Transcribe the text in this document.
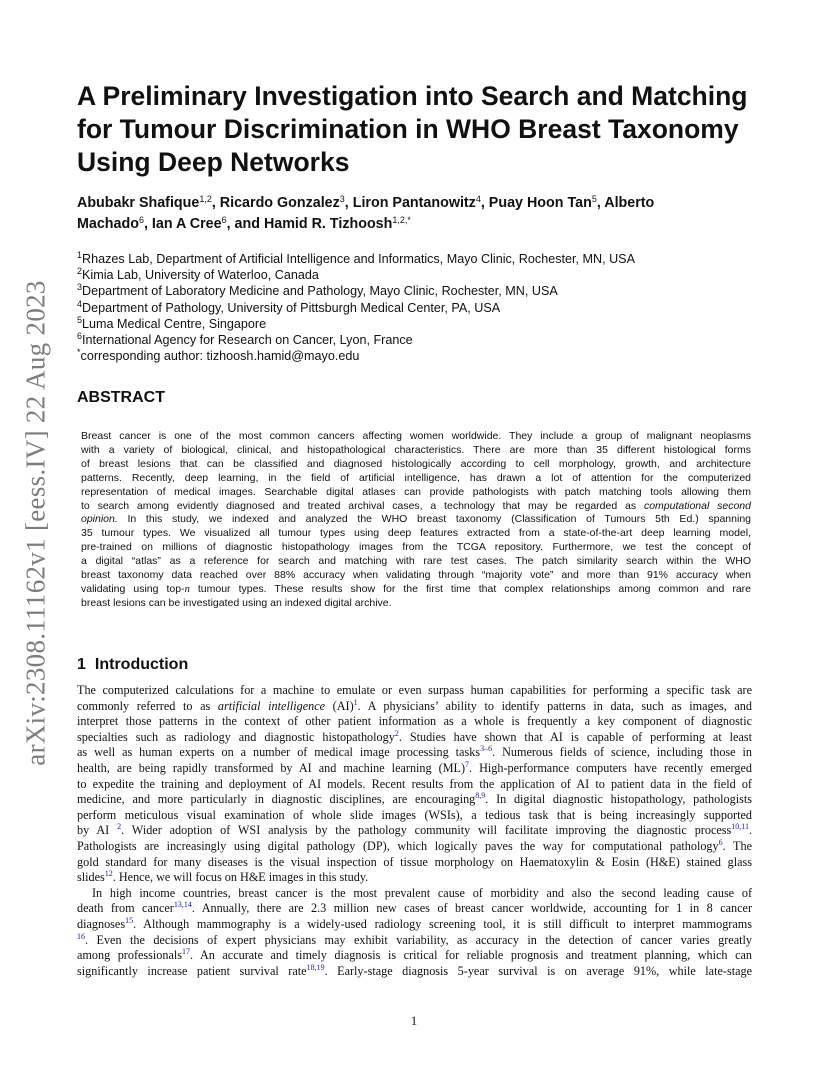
arXiv:2308.11162v1 [eess.IV] 22 Aug 2023
A Preliminary Investigation into Search and Matching
for Tumour Discrimination in WHO Breast Taxonomy
Using Deep Networks
Abubakr Shafique$^{1,2}$, Ricardo Gonzalez$^3$, Liron Pantanowitz$^4$, Puay Hoon Tan$^5$, Alberto
Machado$^6$, Ian A Cree$^6$, and Hamid R. Tizhoosh$^{1,2,*}$
$^1$Rhazes Lab, Department of Artificial Intelligence and Informatics, Mayo Clinic, Rochester, MN, USA
$^2$Kimia Lab, University of Waterloo, Canada
$^3$Department of Laboratory Medicine and Pathology, Mayo Clinic, Rochester, MN, USA
$^4$Department of Pathology, University of Pittsburgh Medical Center, PA, USA
$^5$Luma Medical Centre, Singapore
$^6$International Agency for Research on Cancer, Lyon, France
*corresponding author: tizhoosh.hamid@mayo.edu
ABSTRACT
Breast cancer is one of the most common cancers affecting women worldwide. They include a group of malignant neoplasms
with a variety of biological, clinical, and histopathological characteristics. There are more than 35 different histological forms
of breast lesions that can be classified and diagnosed histologically according to cell morphology, growth, and architecture
patterns. Recently, deep learning, in the field of artificial intelligence, has drawn a lot of attention for the computerized
representation of medical images. Searchable digital atlases can provide pathologists with patch matching tools allowing them
to search among evidently diagnosed and treated archival cases, a technology that may be regarded as computational second
opinion. In this study, we indexed and analyzed the WHO breast taxonomy (Classification of Tumours 5th Ed.) spanning
35 tumour types. We visualized all tumour types using deep features extracted from a state-of-the-art deep learning model,
pre-trained on millions of diagnostic histopathology images from the TCGA repository. Furthermore, we test the concept of
a digital “atlas” as a reference for search and matching with rare test cases. The patch similarity search within the WHO
breast taxonomy data reached over 88% accuracy when validating through “majority vote” and more than 91% accuracy when
validating using top-n tumour types. These results show for the first time that complex relationships among common and rare
breast lesions can be investigated using an indexed digital archive.
1 Introduction
The computerized calculations for a machine to emulate or even surpass human capabilities for performing a specific task are
commonly referred to as artificial intelligence (AI)$^1$. A physicians’ ability to identify patterns in data, such as images, and
interpret those patterns in the context of other patient information as a whole is frequently a key component of diagnostic
specialties such as radiology and diagnostic histopathology$^2$. Studies have shown that AI is capable of performing at least
as well as human experts on a number of medical image processing tasks$^{3-6}$. Numerous fields of science, including those in
health, are being rapidly transformed by AI and machine learning (ML)$^7$. High-performance computers have recently emerged
to expedite the training and deployment of AI models. Recent results from the application of AI to patient data in the field of
medicine, and more particularly in diagnostic disciplines, are encouraging$^{8,9}$. In digital diagnostic histopathology, pathologists
perform meticulous visual examination of whole slide images (WSIs), a tedious task that is being increasingly supported
by AI $^2$. Wider adoption of WSI analysis by the pathology community will facilitate improving the diagnostic process$^{10,11}$.
Pathologists are increasingly using digital pathology (DP), which logically paves the way for computational pathology$^6$. The
gold standard for many diseases is the visual inspection of tissue morphology on Haematoxylin & Eosin (H&E) stained glass
slides$^{12}$. Hence, we will focus on H&E images in this study.
In high income countries, breast cancer is the most prevalent cause of morbidity and also the second leading cause of
death from cancer$^{13,14}$. Annually, there are 2.3 million new cases of breast cancer worldwide, accounting for 1 in 8 cancer
diagnoses$^{15}$. Although mammography is a widely-used radiology screening tool, it is still difficult to interpret mammograms
$^{16}$. Even the decisions of expert physicians may exhibit variability, as accuracy in the detection of cancer varies greatly
among professionals$^{17}$. An accurate and timely diagnosis is critical for reliable prognosis and treatment planning, which can
significantly increase patient survival rate$^{18,19}$. Early-stage diagnosis 5-year survival is on average 91%, while late-stage
1
